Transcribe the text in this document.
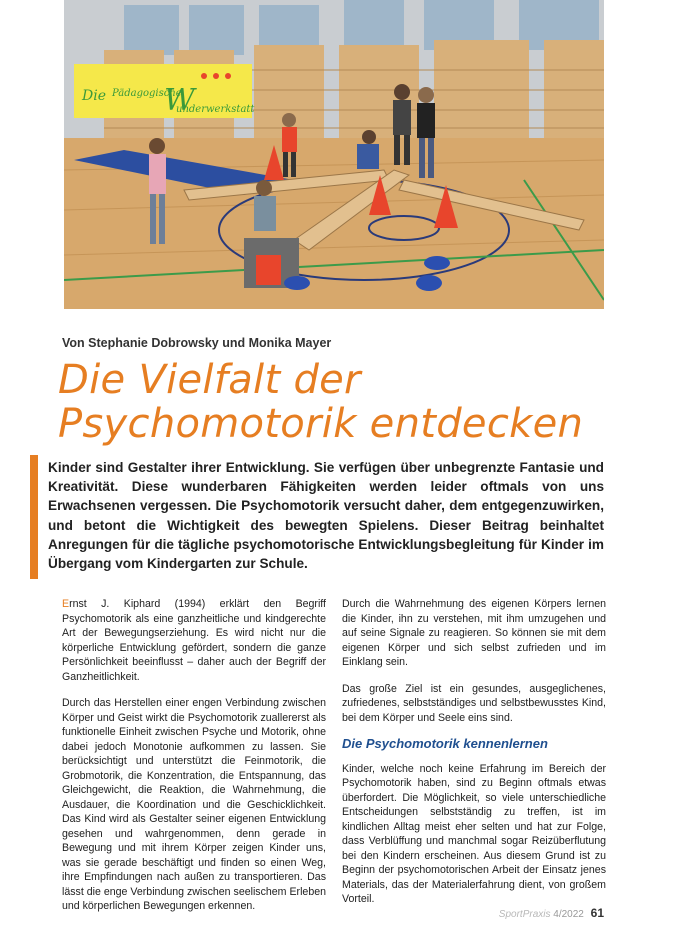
Die Pädagogische
underwerkstatt
W
Von Stephanie Dobrowsky und Monika Mayer
Die Vielfalt der
Psychomotorik entdecken

Kinder sind Gestalter ihrer Entwicklung. Sie verfügen über unbegrenzte Fantasie und Kreativität. Diese wunderbaren Fähigkeiten werden leider oftmals von uns Erwachsenen vergessen. Die Psychomotorik versucht daher, dem entgegenzuwirken, und betont die Wichtigkeit des bewegten Spielens. Dieser Beitrag beinhaltet Anregungen für die tägliche psychomotorische Entwicklungsbegleitung für Kinder im Übergang vom Kindergarten zur Schule.

Ernst J. Kiphard (1994) erklärt den Begriff Psychomotorik als eine ganzheitliche und kindgerechte Art der Bewegungserziehung. Es wird nicht nur die körperliche Entwicklung gefördert, sondern die ganze Persönlichkeit beeinflusst – daher auch der Begriff der Ganzheitlichkeit.

Durch das Herstellen einer engen Verbindung zwischen Körper und Geist wirkt die Psychomotorik zuallererst als funktionelle Einheit zwischen Psyche und Motorik, ohne dabei jedoch Monotonie aufkommen zu lassen. Sie berücksichtigt und unterstützt die Feinmotorik, die Grobmotorik, die Konzentration, die Entspannung, das Gleichgewicht, die Reaktion, die Wahrnehmung, die Ausdauer, die Koordination und die Geschicklichkeit. Das Kind wird als Gestalter seiner eigenen Entwicklung gesehen und wahrgenommen, denn gerade in Bewegung und mit ihrem Körper zeigen Kinder uns, was sie gerade beschäftigt und finden so einen Weg, ihre Empfindungen nach außen zu transportieren. Das lässt die enge Verbindung zwischen seelischem Erleben und körperlichen Bewegungen erkennen.

Durch die Wahrnehmung des eigenen Körpers lernen die Kinder, ihn zu verstehen, mit ihm umzugehen und auf seine Signale zu reagieren. So können sie mit dem eigenen Körper und sich selbst zufrieden und im Einklang sein.

Das große Ziel ist ein gesundes, ausgeglichenes, zufriedenes, selbstständiges und selbstbewusstes Kind, bei dem Körper und Seele eins sind.

Die Psychomotorik kennenlernen

Kinder, welche noch keine Erfahrung im Bereich der Psychomotorik haben, sind zu Beginn oftmals etwas überfordert. Die Möglichkeit, so viele unterschiedliche Entscheidungen selbstständig zu treffen, ist im kindlichen Alltag meist eher selten und hat zur Folge, dass Verblüffung und manchmal sogar Reizüberflutung bei den Kindern erscheinen. Aus diesem Grund ist zu Beginn der psychomotorischen Arbeit der Einsatz jenes Materials, das der Materialerfahrung dient, von großem Vorteil.

SportPraxis 4/2022 61
